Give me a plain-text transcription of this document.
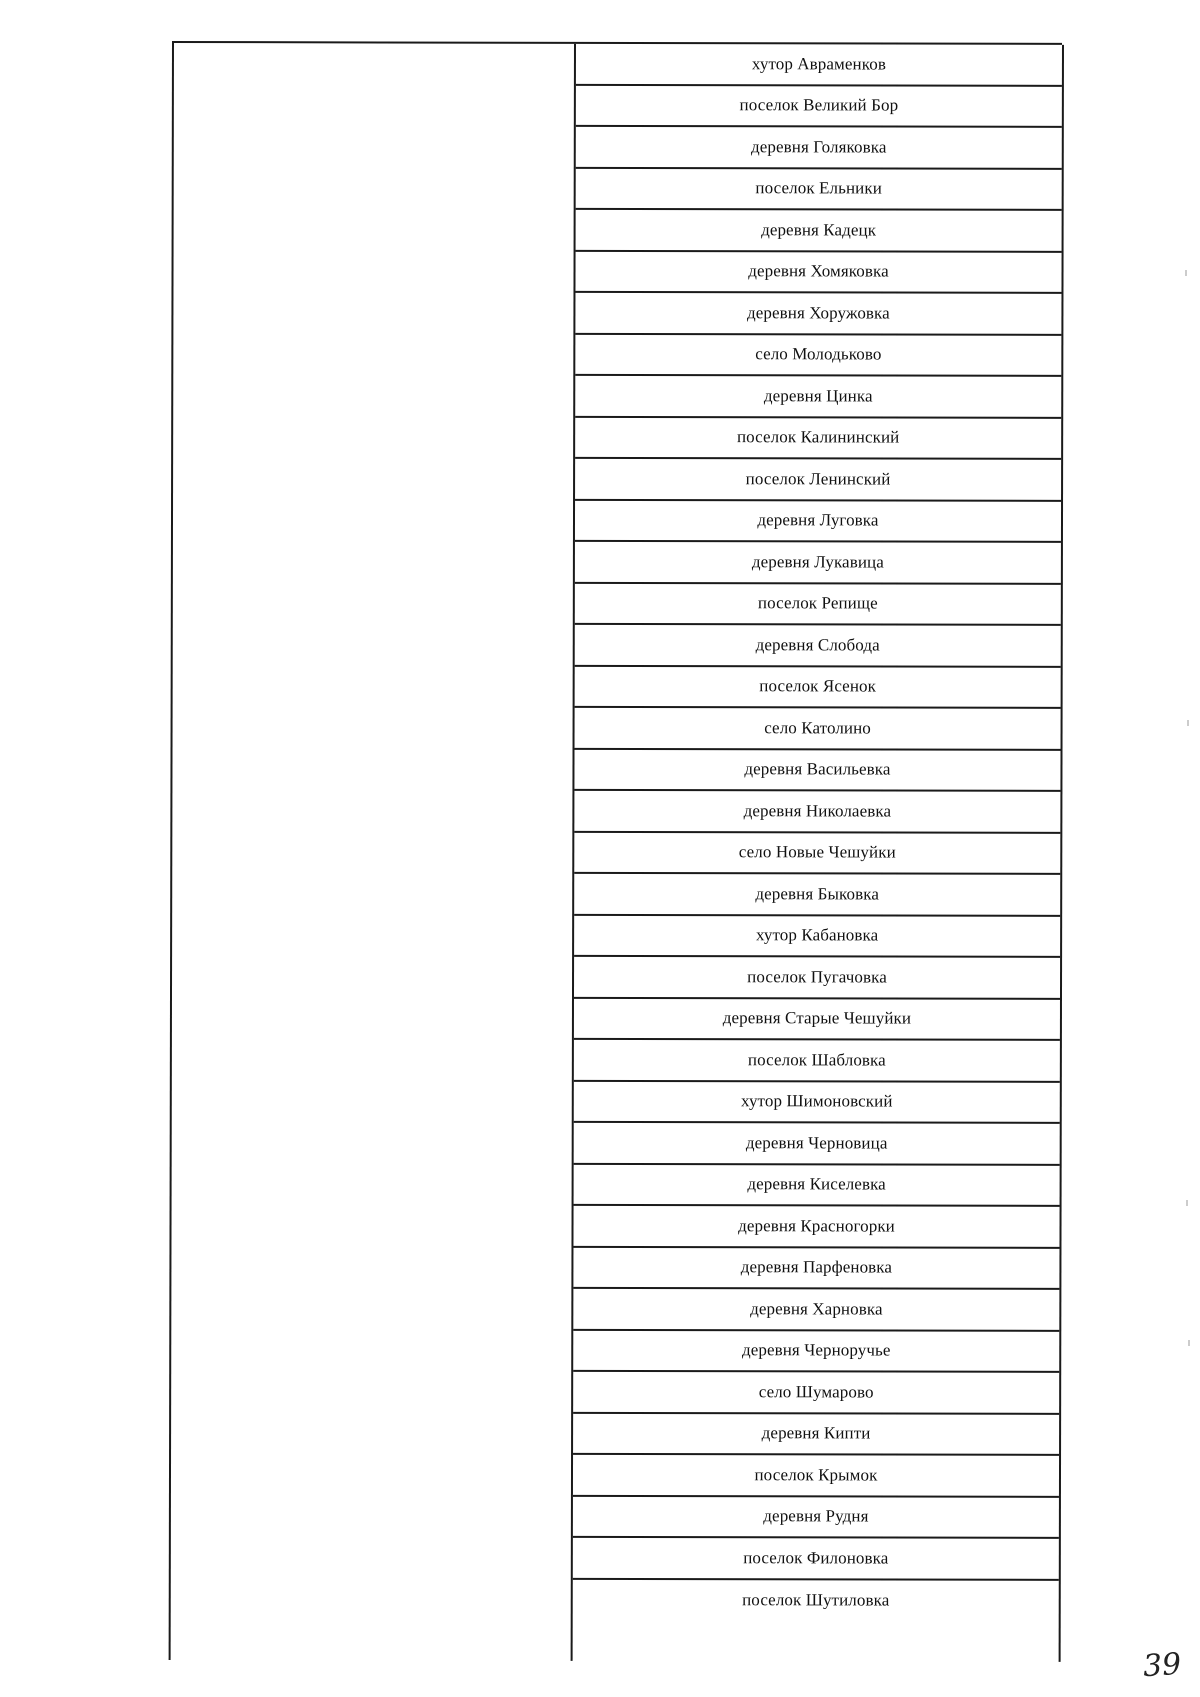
хутор Авраменков
поселок Великий Бор
деревня Голяковка
поселок Ельники
деревня Кадецк
деревня Хомяковка
деревня Хоружовка
село Молодьково
деревня Цинка
поселок Калининский
поселок Ленинский
деревня Луговка
деревня Лукавица
поселок Репище
деревня Слобода
поселок Ясенок
село Католино
деревня Васильевка
деревня Николаевка
село Новые Чешуйки
деревня Быковка
хутор Кабановка
поселок Пугачовка
деревня Старые Чешуйки
поселок Шабловка
хутор Шимоновский
деревня Черновица
деревня Киселевка
деревня Красногорки
деревня Парфеновка
деревня Харновка
деревня Черноручье
село Шумарово
деревня Кипти
поселок Крымок
деревня Рудня
поселок Филоновка
поселок Шутиловка
39
